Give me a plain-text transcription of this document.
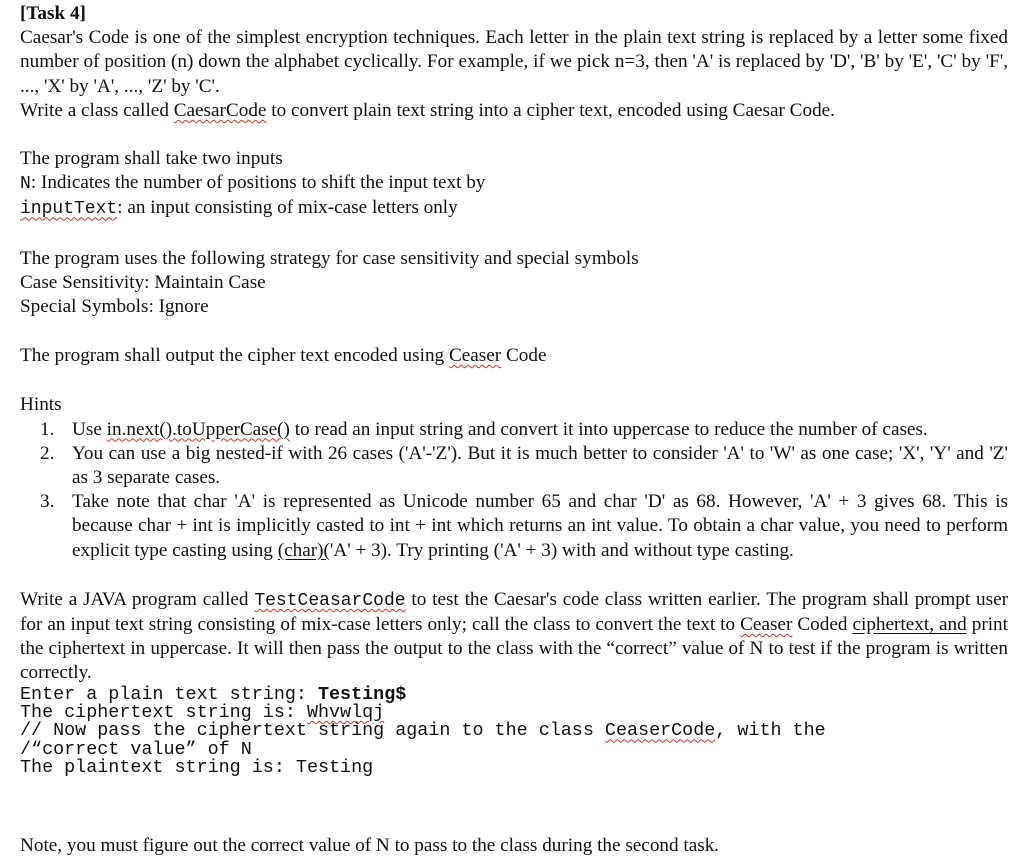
[Task 4]

Caesar's Code is one of the simplest encryption techniques. Each letter in the plain text string is replaced by a letter some fixed number of position (n) down the alphabet cyclically. For example, if we pick n=3, then 'A' is replaced by 'D', 'B' by 'E', 'C' by 'F', ..., 'X' by 'A', ..., 'Z' by 'C'.

Write a class called CaesarCode to convert plain text string into a cipher text, encoded using Caesar Code.

The program shall take two inputs

N: Indicates the number of positions to shift the input text by

inputText: an input consisting of mix-case letters only

The program uses the following strategy for case sensitivity and special symbols

Case Sensitivity: Maintain Case

Special Symbols: Ignore

The program shall output the cipher text encoded using Ceaser Code

Hints

1. Use in.next().toUpperCase() to read an input string and convert it into uppercase to reduce the number of cases.
2. You can use a big nested-if with 26 cases ('A'-'Z'). But it is much better to consider 'A' to 'W' as one case; 'X', 'Y' and 'Z' as 3 separate cases.
3. Take note that char 'A' is represented as Unicode number 65 and char 'D' as 68. However, 'A' + 3 gives 68. This is because char + int is implicitly casted to int + int which returns an int value. To obtain a char value, you need to perform explicit type casting using (char)('A' + 3). Try printing ('A' + 3) with and without type casting.

Write a JAVA program called TestCeasarCode to test the Caesar's code class written earlier. The program shall prompt user for an input text string consisting of mix-case letters only; call the class to convert the text to Ceaser Coded ciphertext, and print the ciphertext in uppercase. It will then pass the output to the class with the “correct” value of N to test if the program is written correctly.

Enter a plain text string: Testing$
The ciphertext string is: Whvwlqj
// Now pass the ciphertext string again to the class CeaserCode, with the
/“correct value” of N
The plaintext string is: Testing

Note, you must figure out the correct value of N to pass to the class during the second task.
